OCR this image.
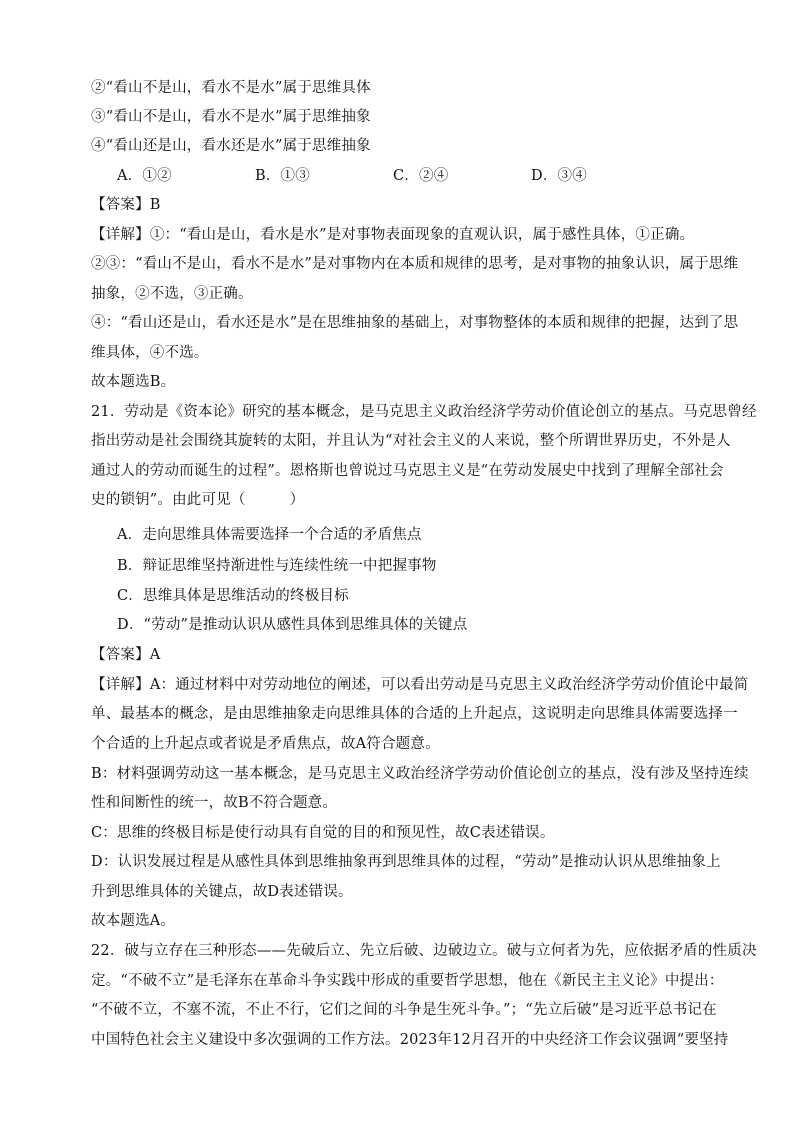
②“看山不是山，看水不是水”属于思维具体
③“看山不是山，看水不是水”属于思维抽象
④“看山还是山，看水还是水”属于思维抽象
A．①②	B．①③	C．②④	D．③④
【答案】B
【详解】①：“看山是山，看水是水”是对事物表面现象的直观认识，属于感性具体，①正确。
②③：“看山不是山，看水不是水”是对事物内在本质和规律的思考，是对事物的抽象认识，属于思维
抽象，②不选，③正确。
④：“看山还是山，看水还是水”是在思维抽象的基础上，对事物整体的本质和规律的把握，达到了思
维具体，④不选。
故本题选B。
21．劳动是《资本论》研究的基本概念，是马克思主义政治经济学劳动价值论创立的基点。马克思曾经
指出劳动是社会围绕其旋转的太阳，并且认为“对社会主义的人来说，整个所谓世界历史，不外是人
通过人的劳动而诞生的过程”。恩格斯也曾说过马克思主义是“在劳动发展史中找到了理解全部社会
史的锁钥”。由此可见（　　　）
A．走向思维具体需要选择一个合适的矛盾焦点
B．辩证思维坚持渐进性与连续性统一中把握事物
C．思维具体是思维活动的终极目标
D．“劳动”是推动认识从感性具体到思维具体的关键点
【答案】A
【详解】A：通过材料中对劳动地位的阐述，可以看出劳动是马克思主义政治经济学劳动价值论中最简
单、最基本的概念，是由思维抽象走向思维具体的合适的上升起点，这说明走向思维具体需要选择一
个合适的上升起点或者说是矛盾焦点，故A符合题意。
B：材料强调劳动这一基本概念，是马克思主义政治经济学劳动价值论创立的基点，没有涉及坚持连续
性和间断性的统一，故B不符合题意。
C：思维的终极目标是使行动具有自觉的目的和预见性，故C表述错误。
D：认识发展过程是从感性具体到思维抽象再到思维具体的过程，“劳动”是推动认识从思维抽象上
升到思维具体的关键点，故D表述错误。
故本题选A。
22．破与立存在三种形态——先破后立、先立后破、边破边立。破与立何者为先，应依据矛盾的性质决
定。“不破不立”是毛泽东在革命斗争实践中形成的重要哲学思想，他在《新民主主义论》中提出：
“不破不立，不塞不流，不止不行，它们之间的斗争是生死斗争。”；“先立后破”是习近平总书记在
中国特色社会主义建设中多次强调的工作方法。2023年12月召开的中央经济工作会议强调“要坚持
